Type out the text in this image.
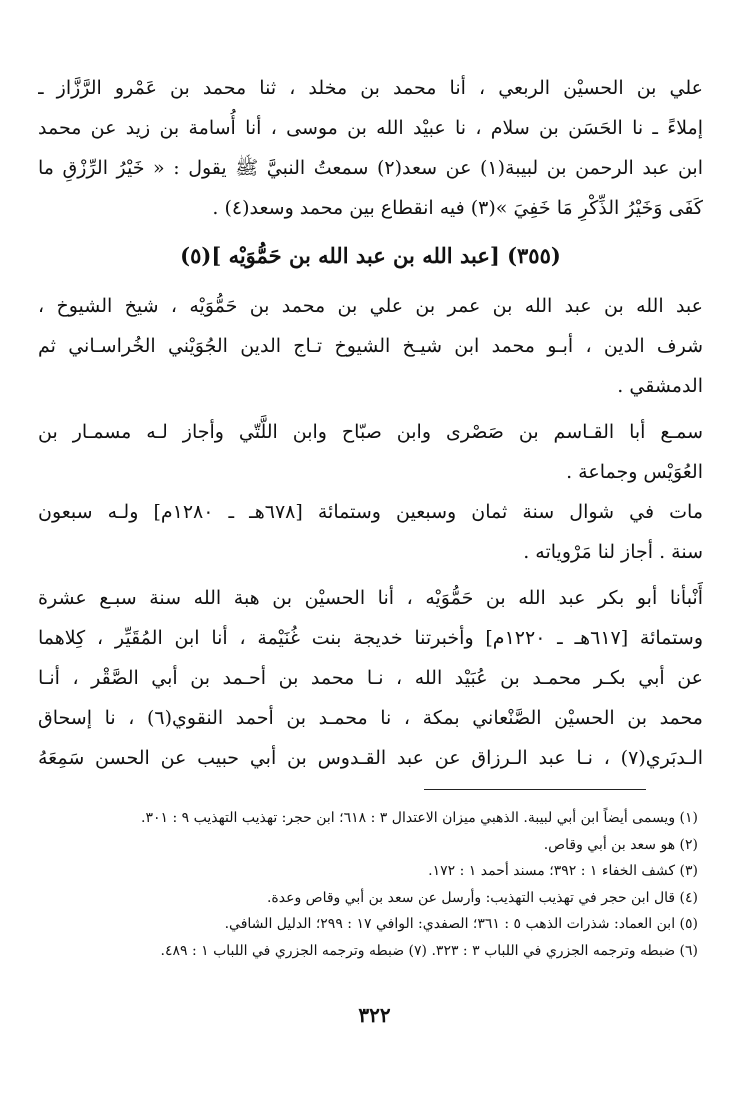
علي بن الحسيْن الربعي ، أنا محمد بن مخلد ، ثنا محمد بن عَمْرو الرَّزَّاز ـ
إملاءً ـ نا الحَسَن بن سلام ، نا عبيْد الله بن موسى ، أنا أُسامة بن زيد عن محمد
ابن عبد الرحمن بن لبيبة(١) عن سعد(٢) سمعتُ النبيَّ ﷺ يقول : « خَيْرُ الرِّزْقِ ما
كَفَى وَخَيْرُ الذِّكْرِ مَا خَفِيَ »(٣) فيه انقطاع بين محمد وسعد(٤) .

(٣٥٥) [عبد الله بن عبد الله بن حَمُّوَيْه ](٥)

عبد الله بن عبد الله بن عمر بن علي بن محمد بن حَمُّوَيْه ، شيخ الشيوخ ،
شرف الدين ، أبـو محمد ابن شيـخ الشيوخ تـاج الدين الجُوَيْني الخُراسـاني ثم
الدمشقي .

سمـع أبا القـاسم بن صَصْرى وابن صبّاح وابن اللَّتّي وأجاز لـه مسمـار بن
العُوَيْس وجماعة .

مات في شوال سنة ثمان وسبعين وستمائة [٦٧٨هـ ـ ١٢٨٠م] ولـه سبعون
سنة . أجاز لنا مَرْوياته .

أَنْبأنا أبو بكر عبد الله بن حَمُّوَيْه ، أنا الحسيْن بن هبة الله سنة سبـع عشرة
وستمائة [٦١٧هـ ـ ١٢٢٠م] وأخبرتنا خديجة بنت غُنَيْمة ، أنا ابن المُقَيِّر ، كِلاهما
عن أبي بكـر محمـد بن عُبَيْد الله ، نـا محمد بن أحـمد بن أبي الصَّقْر ، أنـا
محمد بن الحسيْن الصَّنْعاني بمكة ، نا محمـد بن أحمد النقوي(٦) ، نا إسحاق
الـدبَري(٧) ، نـا عبد الـرزاق عن عبد القـدوس بن أبي حبيب عن الحسن سَمِعَهُ

(١) ويسمى أيضاً ابن أبي لبيبة. الذهبي ميزان الاعتدال ٣ : ٦١٨؛ ابن حجر: تهذيب التهذيب ٩ : ٣٠١.
(٢) هو سعد بن أبي وقاص.
(٣) كشف الخفاء ١ : ٣٩٢؛ مسند أحمد ١ : ١٧٢.
(٤) قال ابن حجر في تهذيب التهذيب: وأرسل عن سعد بن أبي وقاص وعدة.
(٥) ابن العماد: شذرات الذهب ٥ : ٣٦١؛ الصفدي: الوافي ١٧ : ٢٩٩؛ الدليل الشافي.
(٦) ضبطه وترجمه الجزري في اللباب ٣ : ٣٢٣. (٧) ضبطه وترجمه الجزري في اللباب ١ : ٤٨٩.
٣٢٢
